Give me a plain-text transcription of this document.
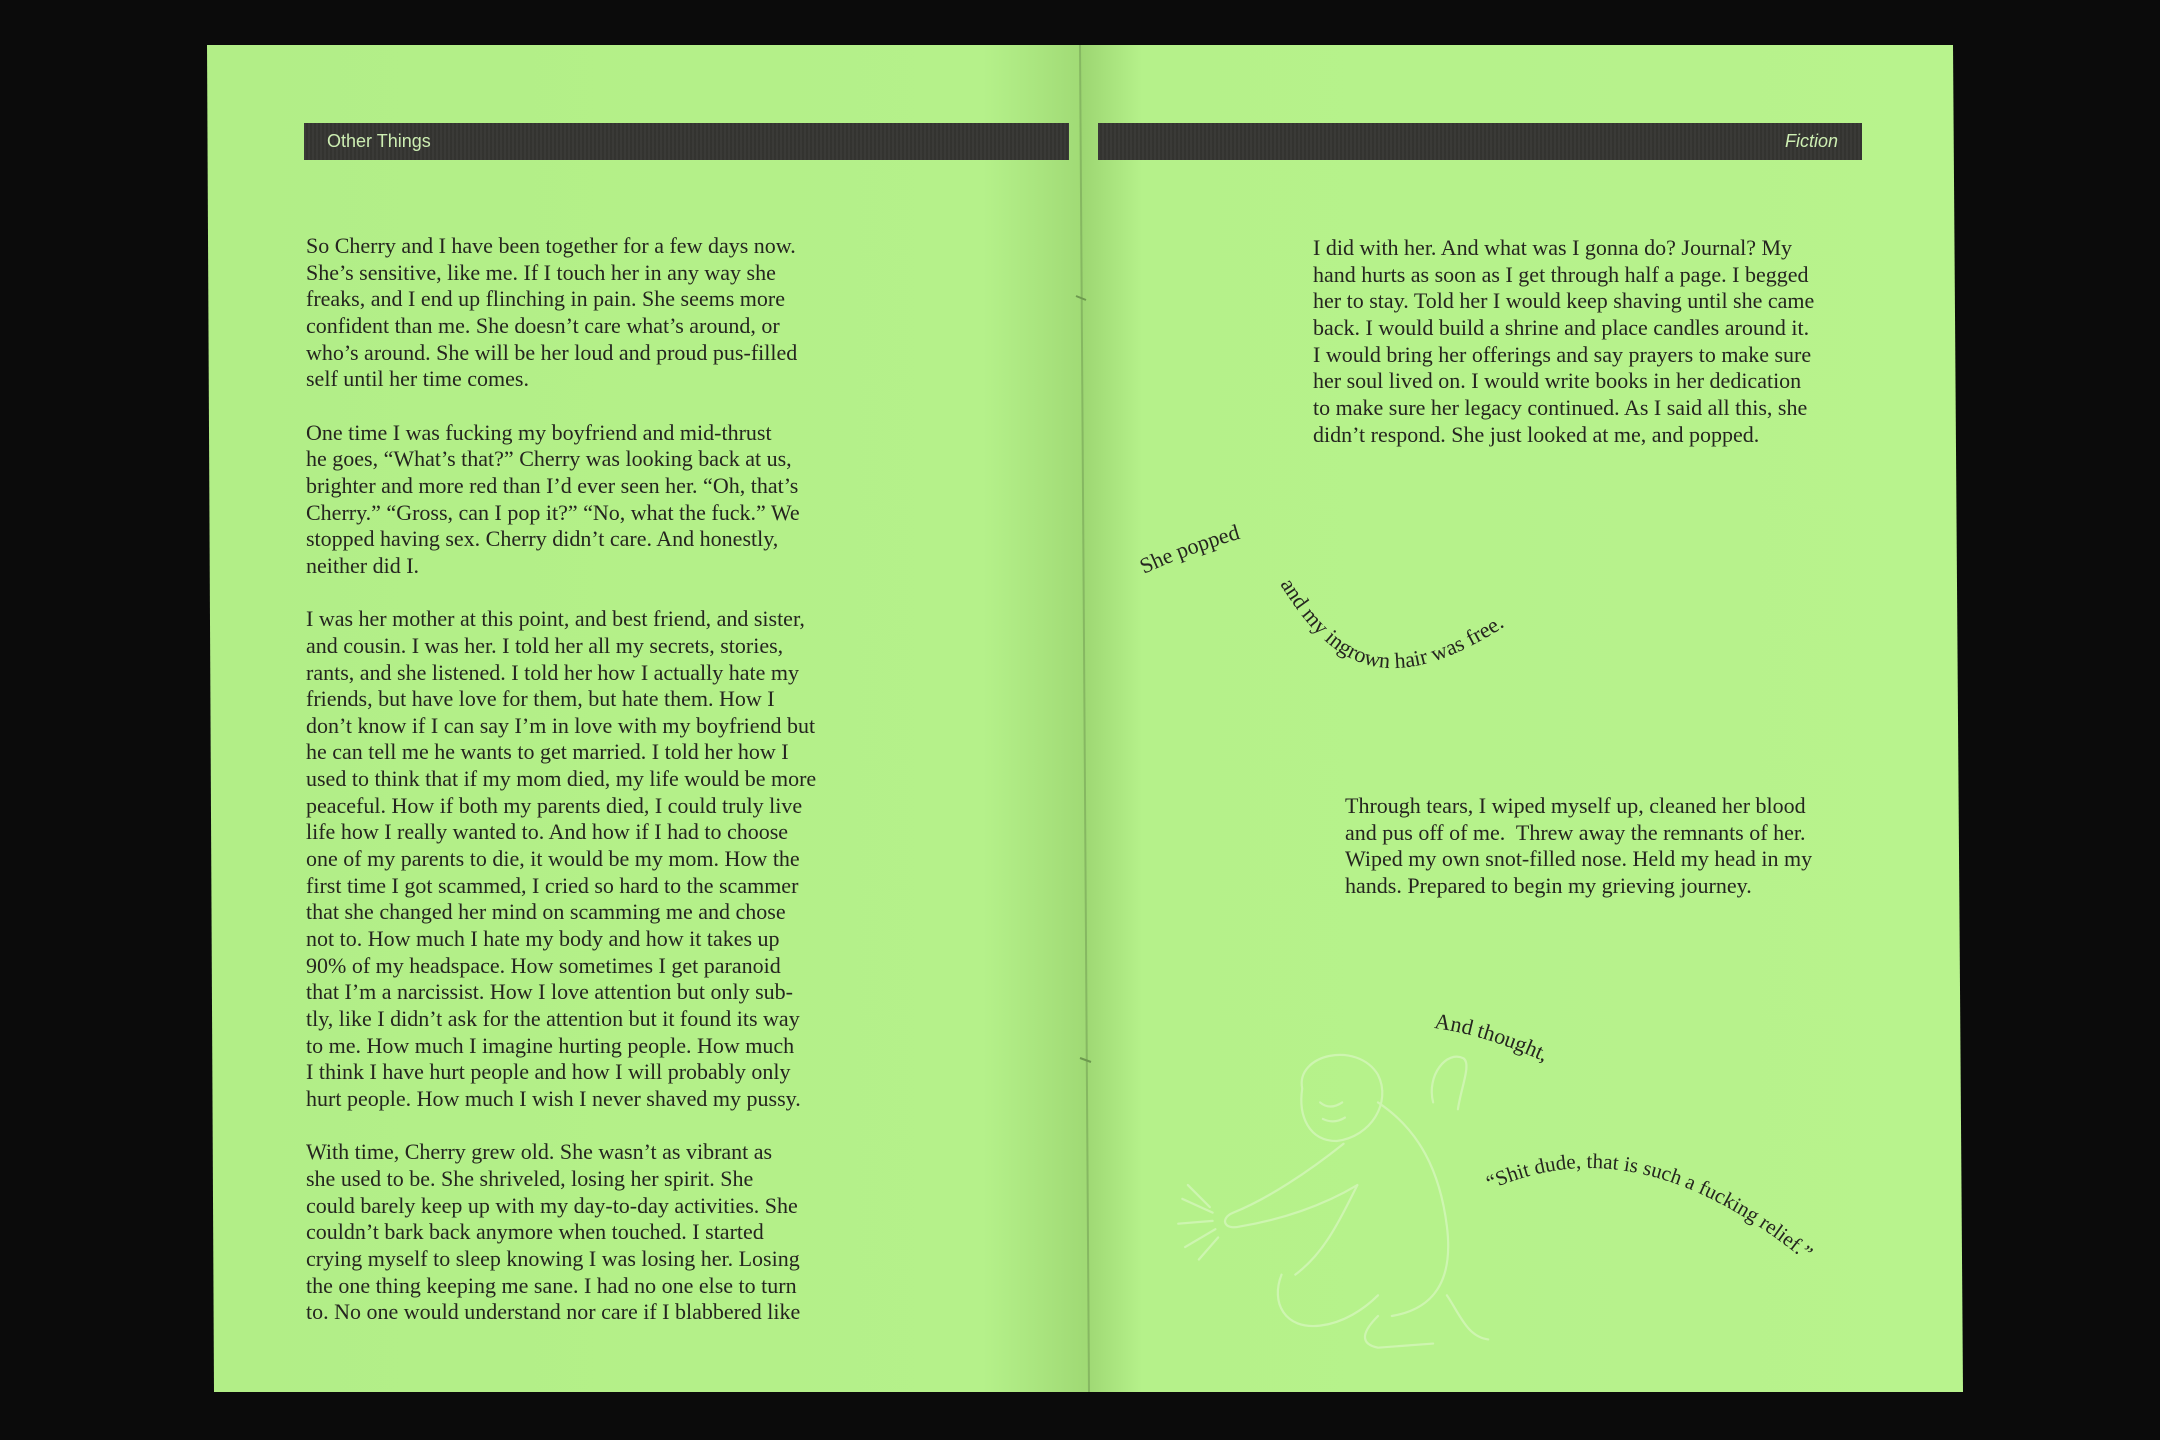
Other Things	Fiction
So Cherry and I have been together for a few days now.
She’s sensitive, like me. If I touch her in any way she
freaks, and I end up flinching in pain. She seems more
confident than me. She doesn’t care what’s around, or
who’s around. She will be her loud and proud pus-filled
self until her time comes.
One time I was fucking my boyfriend and mid-thrust
he goes, “What’s that?” Cherry was looking back at us,
brighter and more red than I’d ever seen her. “Oh, that’s
Cherry.” “Gross, can I pop it?” “No, what the fuck.” We
stopped having sex. Cherry didn’t care. And honestly,
neither did I.
I was her mother at this point, and best friend, and sister,
and cousin. I was her. I told her all my secrets, stories,
rants, and she listened. I told her how I actually hate my
friends, but have love for them, but hate them. How I
don’t know if I can say I’m in love with my boyfriend but
he can tell me he wants to get married. I told her how I
used to think that if my mom died, my life would be more
peaceful. How if both my parents died, I could truly live
life how I really wanted to. And how if I had to choose
one of my parents to die, it would be my mom. How the
first time I got scammed, I cried so hard to the scammer
that she changed her mind on scamming me and chose
not to. How much I hate my body and how it takes up
90% of my headspace. How sometimes I get paranoid
that I’m a narcissist. How I love attention but only sub-
tly, like I didn’t ask for the attention but it found its way
to me. How much I imagine hurting people. How much
I think I have hurt people and how I will probably only
hurt people. How much I wish I never shaved my pussy.
With time, Cherry grew old. She wasn’t as vibrant as
she used to be. She shriveled, losing her spirit. She
could barely keep up with my day-to-day activities. She
couldn’t bark back anymore when touched. I started
crying myself to sleep knowing I was losing her. Losing
the one thing keeping me sane. I had no one else to turn
to. No one would understand nor care if I blabbered like
I did with her. And what was I gonna do? Journal? My
hand hurts as soon as I get through half a page. I begged
her to stay. Told her I would keep shaving until she came
back. I would build a shrine and place candles around it.
I would bring her offerings and say prayers to make sure
her soul lived on. I would write books in her dedication
to make sure her legacy continued. As I said all this, she
didn’t respond. She just looked at me, and popped.
Through tears, I wiped myself up, cleaned her blood
and pus off of me.  Threw away the remnants of her.
Wiped my own snot-filled nose. Held my head in my
hands. Prepared to begin my grieving journey.
She popped
and my ingrown hair was free.
And thought,
“Shit dude, that is such a fucking relief.”
